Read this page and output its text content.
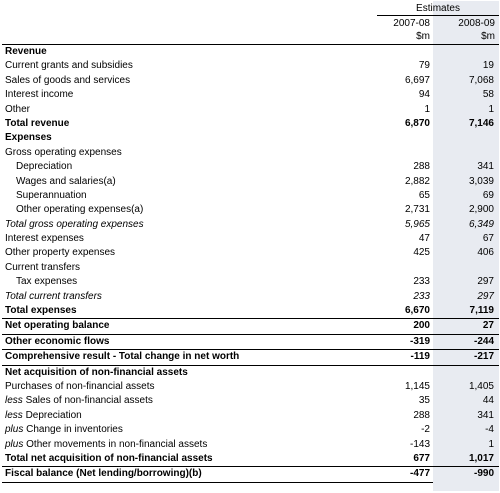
Estimates
2007-08	2008-09
$m	$m
Revenue
Current grants and subsidies	79	19
Sales of goods and services	6,697	7,068
Interest income	94	58
Other	1	1
Total revenue	6,870	7,146
Expenses
Gross operating expenses
Depreciation	288	341
Wages and salaries(a)	2,882	3,039
Superannuation	65	69
Other operating expenses(a)	2,731	2,900
Total gross operating expenses	5,965	6,349
Interest expenses	47	67
Other property expenses	425	406
Current transfers
Tax expenses	233	297
Total current transfers	233	297
Total expenses	6,670	7,119
Net operating balance	200	27
Other economic flows	-319	-244
Comprehensive result - Total change in net worth	-119	-217
Net acquisition of non-financial assets
Purchases of non-financial assets	1,145	1,405
less Sales of non-financial assets	35	44
less Depreciation	288	341
plus Change in inventories	-2	-4
plus Other movements in non-financial assets	-143	1
Total net acquisition of non-financial assets	677	1,017
Fiscal balance (Net lending/borrowing)(b)	-477	-990
